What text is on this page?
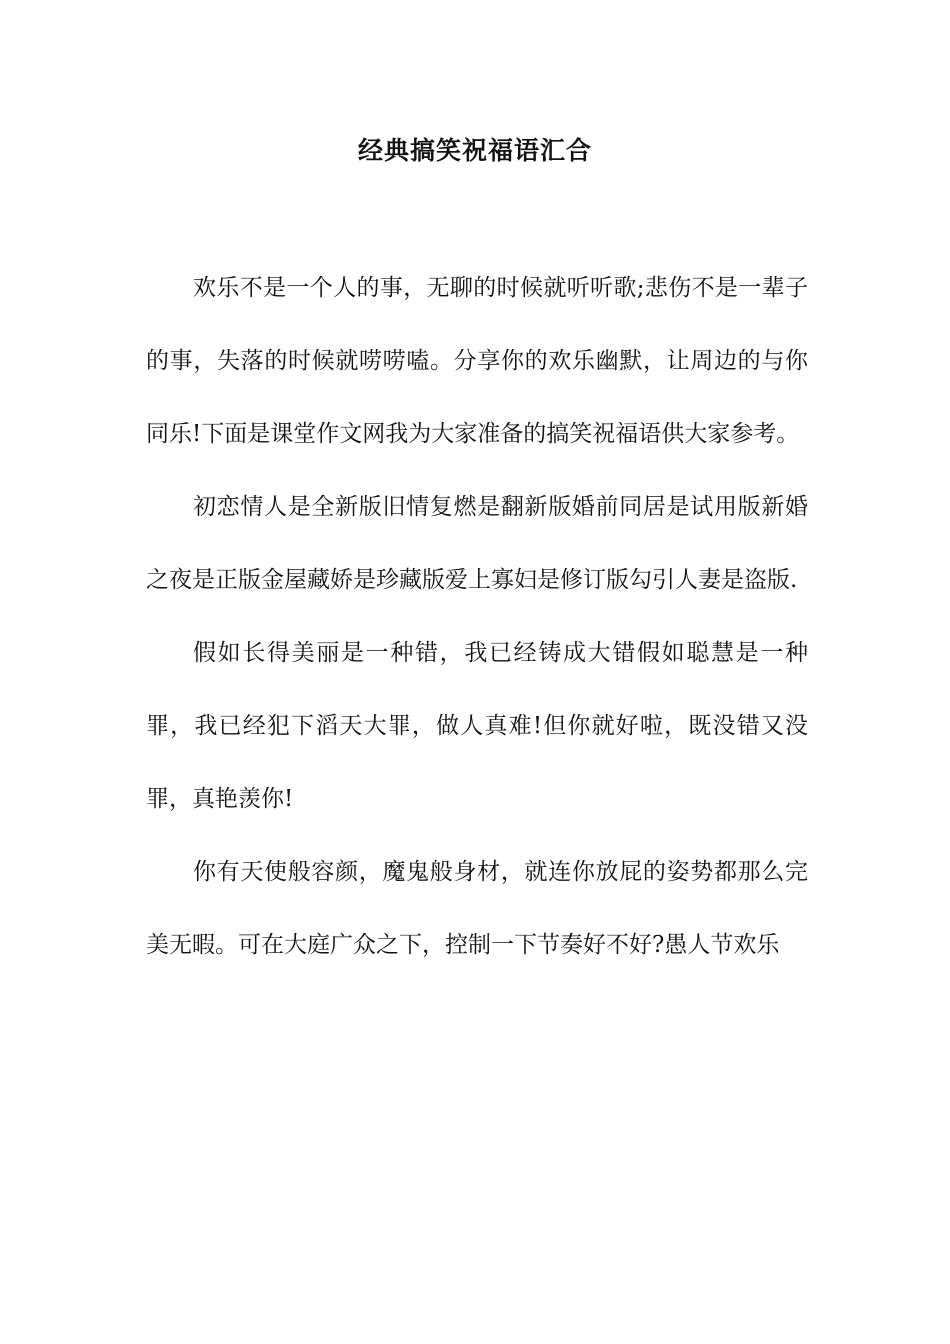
经典搞笑祝福语汇合

欢乐不是一个人的事，无聊的时候就听听歌;悲伤不是一辈子的事，失落的时候就唠唠嗑。分享你的欢乐幽默，让周边的与你同乐!下面是课堂作文网我为大家准备的搞笑祝福语供大家参考。

初恋情人是全新版旧情复燃是翻新版婚前同居是试用版新婚之夜是正版金屋藏娇是珍藏版爱上寡妇是修订版勾引人妻是盗版.

假如长得美丽是一种错，我已经铸成大错假如聪慧是一种罪，我已经犯下滔天大罪，做人真难!但你就好啦，既没错又没罪，真艳羡你!

你有天使般容颜，魔鬼般身材，就连你放屁的姿势都那么完美无暇。可在大庭广众之下，控制一下节奏好不好?愚人节欢乐
